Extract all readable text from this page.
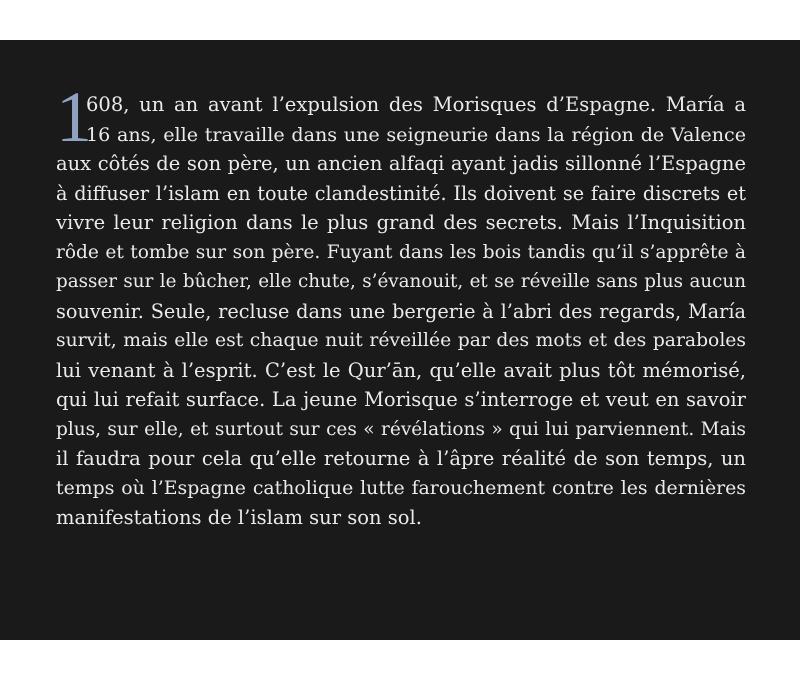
1
608, un an avant l’expulsion des Morisques d’Espagne. María a
16 ans, elle travaille dans une seigneurie dans la région de Valence
aux côtés de son père, un ancien alfaqi ayant jadis sillonné l’Espagne
à diffuser l’islam en toute clandestinité. Ils doivent se faire discrets et
vivre leur religion dans le plus grand des secrets. Mais l’Inquisition
rôde et tombe sur son père. Fuyant dans les bois tandis qu’il s’apprête à
passer sur le bûcher, elle chute, s’évanouit, et se réveille sans plus aucun
souvenir. Seule, recluse dans une bergerie à l’abri des regards, María
survit, mais elle est chaque nuit réveillée par des mots et des paraboles
lui venant à l’esprit. C’est le Qur’ān, qu’elle avait plus tôt mémorisé,
qui lui refait surface. La jeune Morisque s’interroge et veut en savoir
plus, sur elle, et surtout sur ces « révélations » qui lui parviennent. Mais
il faudra pour cela qu’elle retourne à l’âpre réalité de son temps, un
temps où l’Espagne catholique lutte farouchement contre les dernières
manifestations de l’islam sur son sol.
